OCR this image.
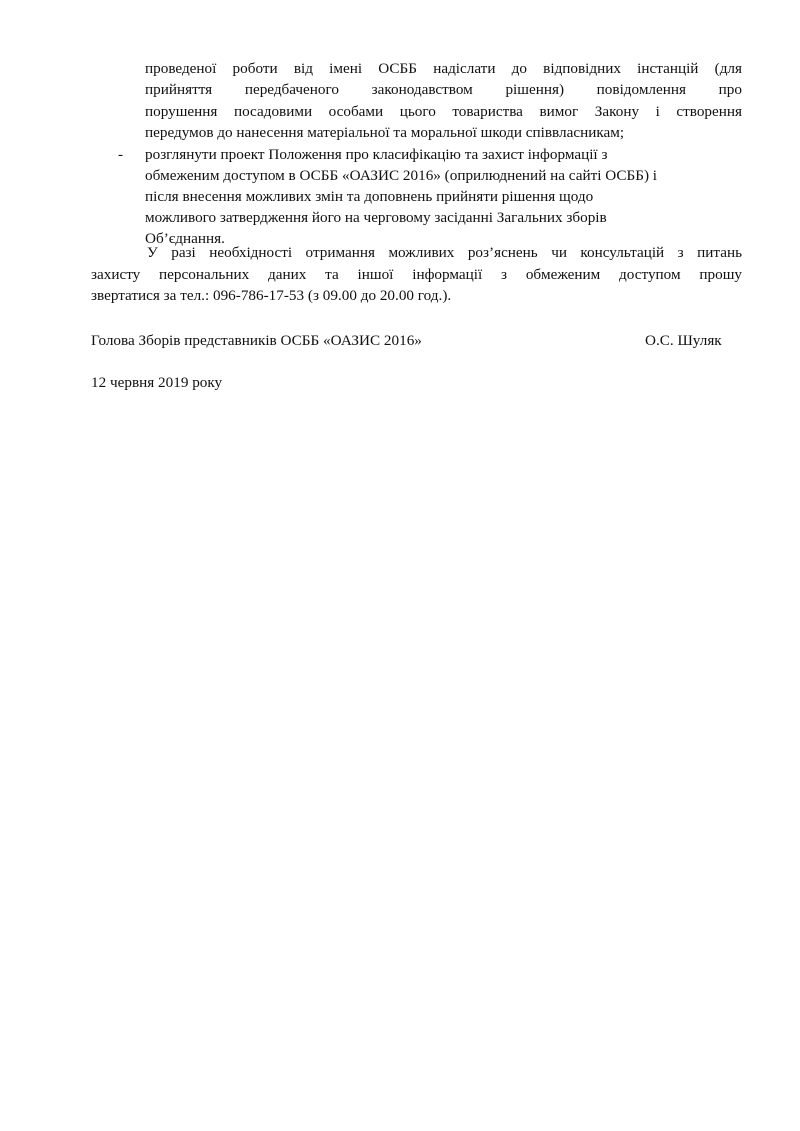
проведеної роботи від імені ОСББ надіслати до відповідних інстанцій (для
прийняття передбаченого законодавством рішення) повідомлення про
порушення посадовими особами цього товариства вимог Закону і створення
передумов до нанесення матеріальної та моральної шкоди співвласникам;
- розглянути проект Положення про класифікацію та захист інформації з
обмеженим доступом в ОСББ «ОАЗИС 2016» (оприлюднений на сайті ОСББ) і
після внесення можливих змін та доповнень прийняти рішення щодо
можливого затвердження його на черговому засіданні Загальних зборів
Об’єднання.
У разі необхідності отримання можливих роз’яснень чи консультацій з питань
захисту персональних даних та іншої інформації з обмеженим доступом прошу
звертатися за тел.: 096-786-17-53 (з 09.00 до 20.00 год.).
Голова Зборів представників ОСББ «ОАЗИС 2016»	О.С. Шуляк
12 червня 2019 року
